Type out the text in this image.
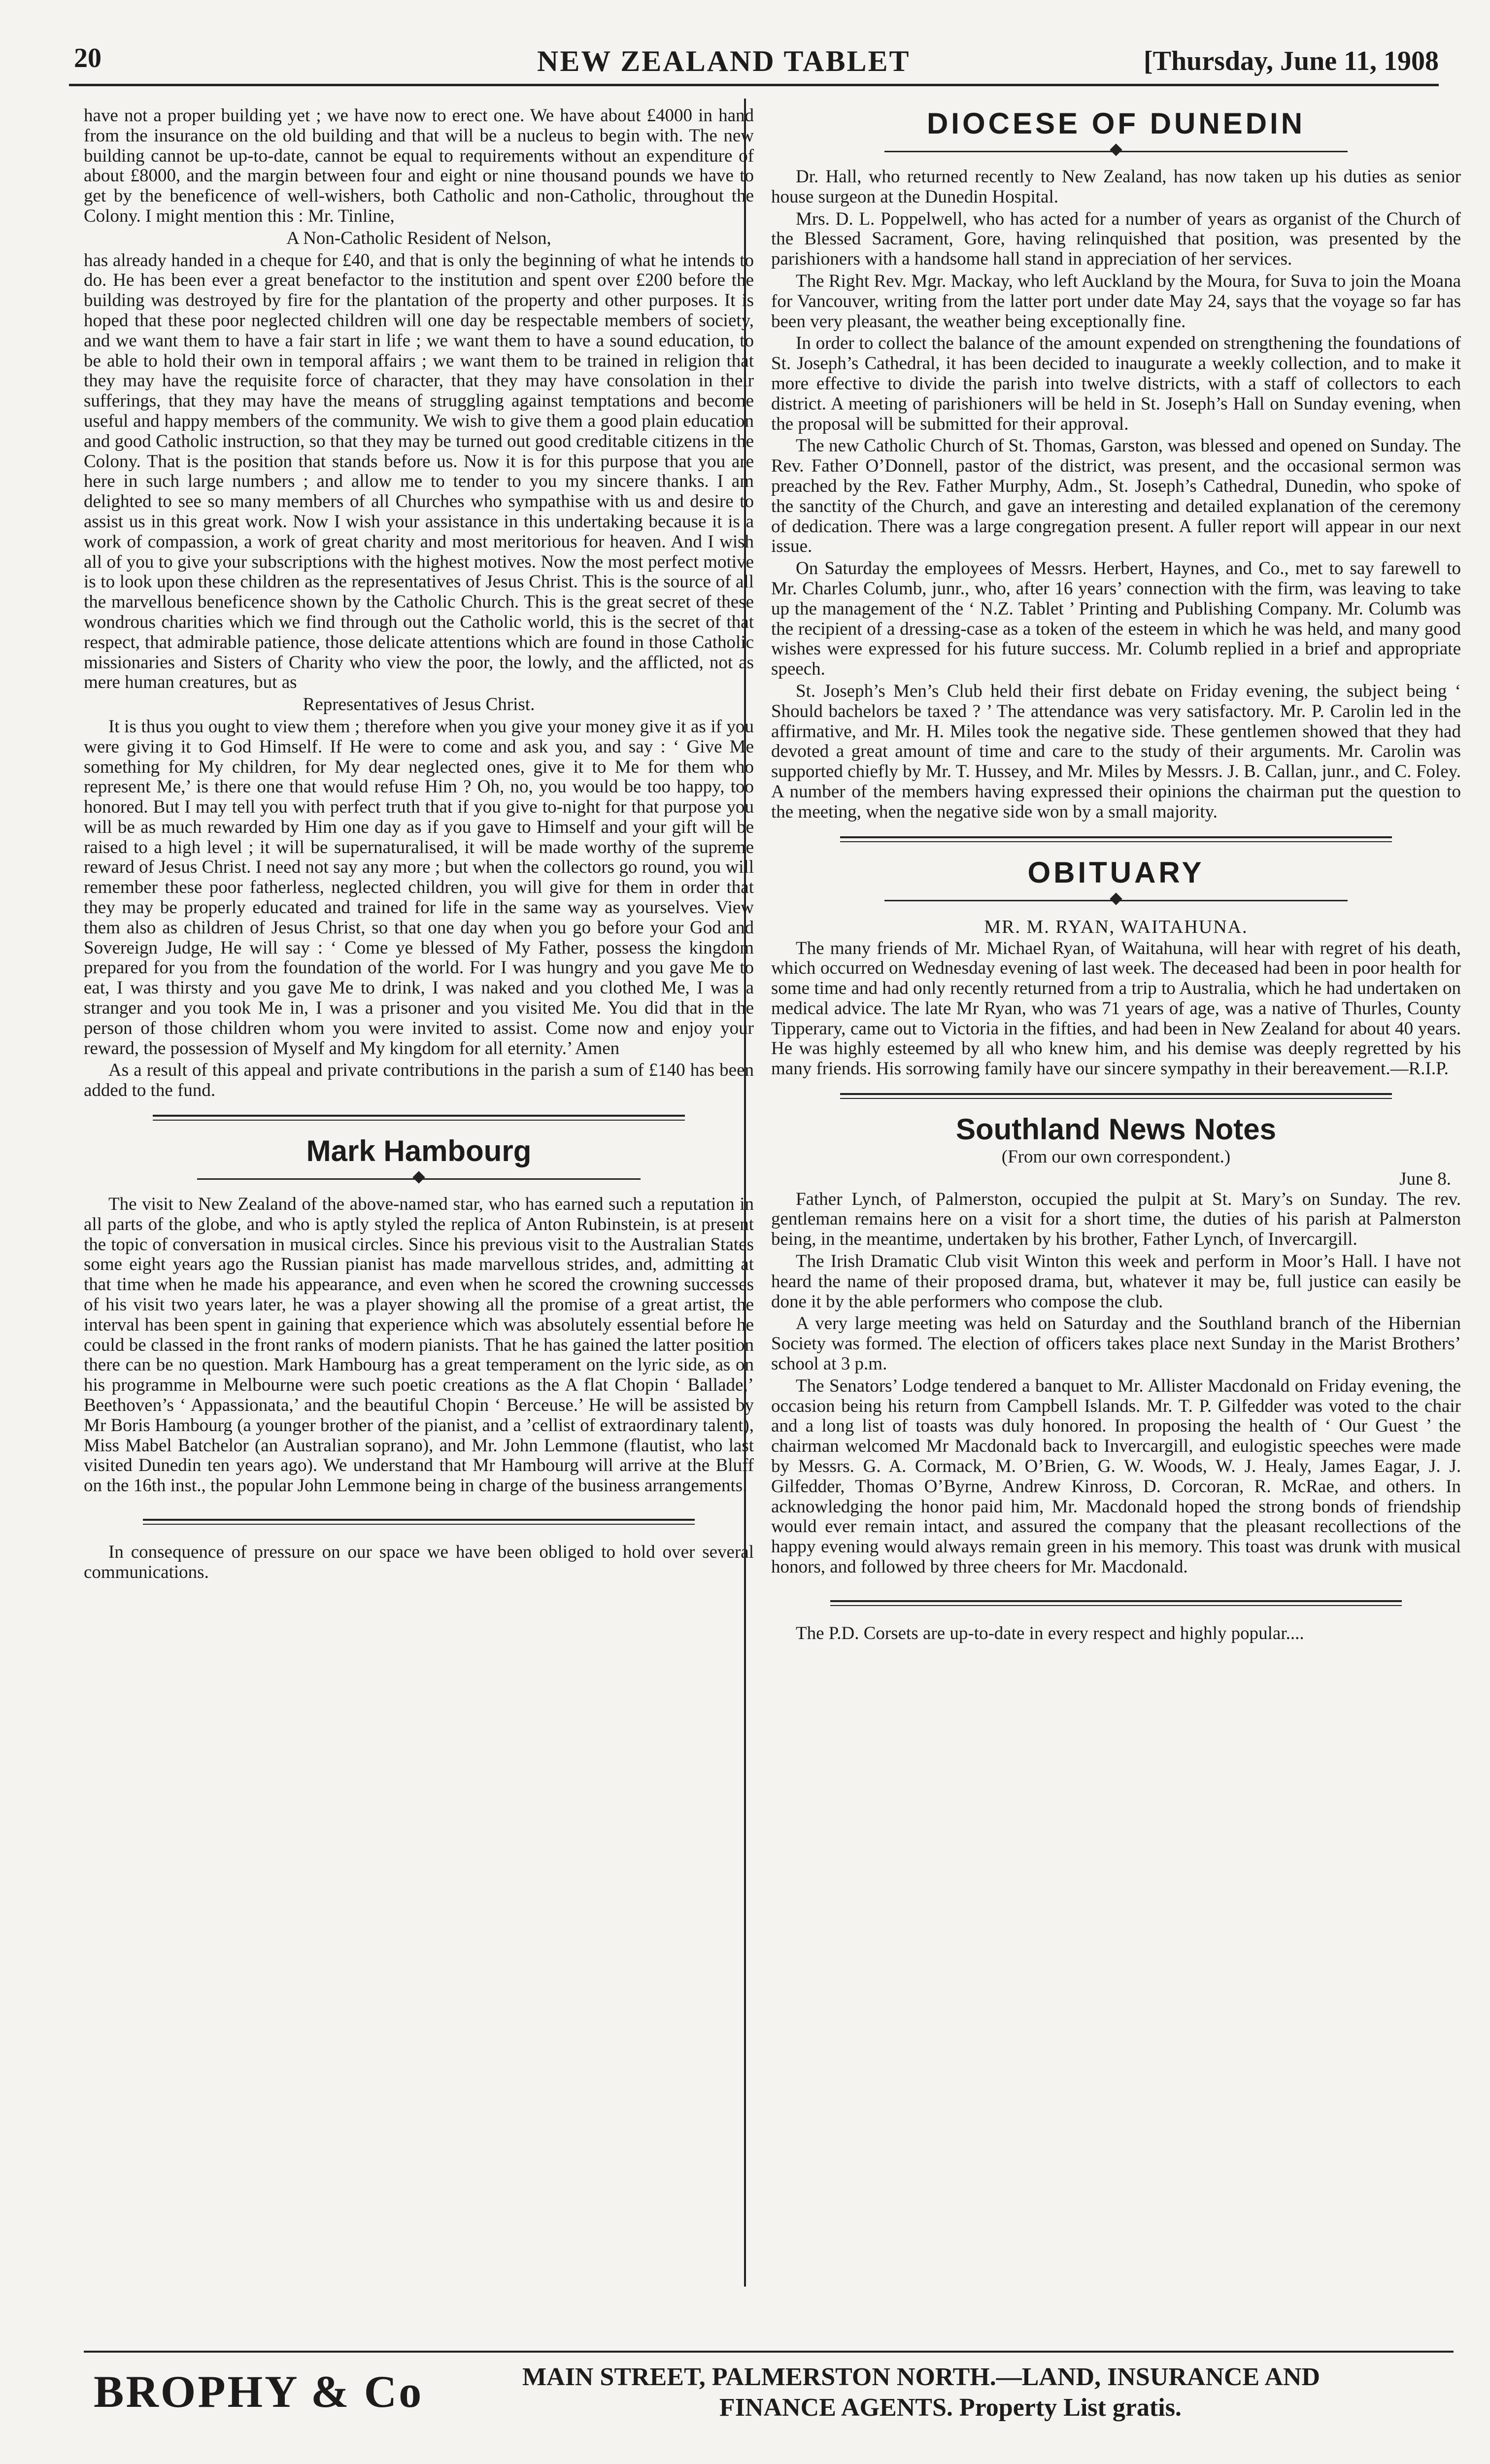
20	NEW ZEALAND TABLET	[Thursday, June 11, 1908

have not a proper building yet ; we have now to erect one. We have about £4000 in hand from the insurance on the old building and that will be a nucleus to begin with. The new building cannot be up-to-date, cannot be equal to requirements without an expenditure of about £8000, and the margin between four and eight or nine thousand pounds we have to get by the beneficence of well-wishers, both Catholic and non-Catholic, throughout the Colony. I might mention this : Mr. Tinline,

A Non-Catholic Resident of Nelson,

has already handed in a cheque for £40, and that is only the beginning of what he intends to do. He has been ever a great benefactor to the institution and spent over £200 before the building was destroyed by fire for the plantation of the property and other purposes. It is hoped that these poor neglected children will one day be respectable members of society, and we want them to have a fair start in life ; we want them to have a sound education, to be able to hold their own in temporal affairs ; we want them to be trained in religion that they may have the requisite force of character, that they may have consolation in their sufferings, that they may have the means of struggling against temptations and become useful and happy members of the community. We wish to give them a good plain education and good Catholic instruction, so that they may be turned out good creditable citizens in the Colony. That is the position that stands before us. Now it is for this purpose that you are here in such large numbers ; and allow me to tender to you my sincere thanks. I am delighted to see so many members of all Churches who sympathise with us and desire to assist us in this great work. Now I wish your assistance in this undertaking because it is a work of compassion, a work of great charity and most meritorious for heaven. And I wish all of you to give your subscriptions with the highest motives. Now the most perfect motive is to look upon these children as the representatives of Jesus Christ. This is the source of all the marvellous beneficence shown by the Catholic Church. This is the great secret of these wondrous charities which we find through out the Catholic world, this is the secret of that respect, that admirable patience, those delicate attentions which are found in those Catholic missionaries and Sisters of Charity who view the poor, the lowly, and the afflicted, not as mere human creatures, but as

Representatives of Jesus Christ.

It is thus you ought to view them ; therefore when you give your money give it as if you were giving it to God Himself. If He were to come and ask you, and say : ‘ Give Me something for My children, for My dear neglected ones, give it to Me for them who represent Me,’ is there one that would refuse Him ? Oh, no, you would be too happy, too honored. But I may tell you with perfect truth that if you give to-night for that purpose you will be as much rewarded by Him one day as if you gave to Himself and your gift will be raised to a high level ; it will be supernaturalised, it will be made worthy of the supreme reward of Jesus Christ. I need not say any more ; but when the collectors go round, you will remember these poor fatherless, neglected children, you will give for them in order that they may be properly educated and trained for life in the same way as yourselves. View them also as children of Jesus Christ, so that one day when you go before your God and Sovereign Judge, He will say : ‘ Come ye blessed of My Father, possess the kingdom prepared for you from the foundation of the world. For I was hungry and you gave Me to eat, I was thirsty and you gave Me to drink, I was naked and you clothed Me, I was a stranger and you took Me in, I was a prisoner and you visited Me. You did that in the person of those children whom you were invited to assist. Come now and enjoy your reward, the possession of Myself and My kingdom for all eternity.’ Amen

As a result of this appeal and private contributions in the parish a sum of £140 has been added to the fund.

Mark Hambourg

The visit to New Zealand of the above-named star, who has earned such a reputation in all parts of the globe, and who is aptly styled the replica of Anton Rubinstein, is at present the topic of conversation in musical circles. Since his previous visit to the Australian States some eight years ago the Russian pianist has made marvellous strides, and, admitting at that time when he made his appearance, and even when he scored the crowning successes of his visit two years later, he was a player showing all the promise of a great artist, the interval has been spent in gaining that experience which was absolutely essential before he could be classed in the front ranks of modern pianists. That he has gained the latter position there can be no question. Mark Hambourg has a great temperament on the lyric side, as on his programme in Melbourne were such poetic creations as the A flat Chopin ‘ Ballade,’ Beethoven’s ‘ Appassionata,’ and the beautiful Chopin ‘ Berceuse.’ He will be assisted by Mr Boris Hambourg (a younger brother of the pianist, and a ’cellist of extraordinary talent), Miss Mabel Batchelor (an Australian soprano), and Mr. John Lemmone (flautist, who last visited Dunedin ten years ago). We understand that Mr Hambourg will arrive at the Bluff on the 16th inst., the popular John Lemmone being in charge of the business arrangements.

In consequence of pressure on our space we have been obliged to hold over several communications.

DIOCESE OF DUNEDIN

Dr. Hall, who returned recently to New Zealand, has now taken up his duties as senior house surgeon at the Dunedin Hospital.

Mrs. D. L. Poppelwell, who has acted for a number of years as organist of the Church of the Blessed Sacrament, Gore, having relinquished that position, was presented by the parishioners with a handsome hall stand in appreciation of her services.

The Right Rev. Mgr. Mackay, who left Auckland by the Moura, for Suva to join the Moana for Vancouver, writing from the latter port under date May 24, says that the voyage so far has been very pleasant, the weather being exceptionally fine.

In order to collect the balance of the amount expended on strengthening the foundations of St. Joseph’s Cathedral, it has been decided to inaugurate a weekly collection, and to make it more effective to divide the parish into twelve districts, with a staff of collectors to each district. A meeting of parishioners will be held in St. Joseph’s Hall on Sunday evening, when the proposal will be submitted for their approval.

The new Catholic Church of St. Thomas, Garston, was blessed and opened on Sunday. The Rev. Father O’Donnell, pastor of the district, was present, and the occasional sermon was preached by the Rev. Father Murphy, Adm., St. Joseph’s Cathedral, Dunedin, who spoke of the sanctity of the Church, and gave an interesting and detailed explanation of the ceremony of dedication. There was a large congregation present. A fuller report will appear in our next issue.

On Saturday the employees of Messrs. Herbert, Haynes, and Co., met to say farewell to Mr. Charles Columb, junr., who, after 16 years’ connection with the firm, was leaving to take up the management of the ‘ N.Z. Tablet ’ Printing and Publishing Company. Mr. Columb was the recipient of a dressing-case as a token of the esteem in which he was held, and many good wishes were expressed for his future success. Mr. Columb replied in a brief and appropriate speech.

St. Joseph’s Men’s Club held their first debate on Friday evening, the subject being ‘ Should bachelors be taxed ? ’ The attendance was very satisfactory. Mr. P. Carolin led in the affirmative, and Mr. H. Miles took the negative side. These gentlemen showed that they had devoted a great amount of time and care to the study of their arguments. Mr. Carolin was supported chiefly by Mr. T. Hussey, and Mr. Miles by Messrs. J. B. Callan, junr., and C. Foley. A number of the members having expressed their opinions the chairman put the question to the meeting, when the negative side won by a small majority.

OBITUARY

MR. M. RYAN, WAITAHUNA.

The many friends of Mr. Michael Ryan, of Waitahuna, will hear with regret of his death, which occurred on Wednesday evening of last week. The deceased had been in poor health for some time and had only recently returned from a trip to Australia, which he had undertaken on medical advice. The late Mr Ryan, who was 71 years of age, was a native of Thurles, County Tipperary, came out to Victoria in the fifties, and had been in New Zealand for about 40 years. He was highly esteemed by all who knew him, and his demise was deeply regretted by his many friends. His sorrowing family have our sincere sympathy in their bereavement.—R.I.P.

Southland News Notes

(From our own correspondent.)

June 8.

Father Lynch, of Palmerston, occupied the pulpit at St. Mary’s on Sunday. The rev. gentleman remains here on a visit for a short time, the duties of his parish at Palmerston being, in the meantime, undertaken by his brother, Father Lynch, of Invercargill.

The Irish Dramatic Club visit Winton this week and perform in Moor’s Hall. I have not heard the name of their proposed drama, but, whatever it may be, full justice can easily be done it by the able performers who compose the club.

A very large meeting was held on Saturday and the Southland branch of the Hibernian Society was formed. The election of officers takes place next Sunday in the Marist Brothers’ school at 3 p.m.

The Senators’ Lodge tendered a banquet to Mr. Allister Macdonald on Friday evening, the occasion being his return from Campbell Islands. Mr. T. P. Gilfedder was voted to the chair and a long list of toasts was duly honored. In proposing the health of ‘ Our Guest ’ the chairman welcomed Mr Macdonald back to Invercargill, and eulogistic speeches were made by Messrs. G. A. Cormack, M. O’Brien, G. W. Woods, W. J. Healy, James Eagar, J. J. Gilfedder, Thomas O’Byrne, Andrew Kinross, D. Corcoran, R. McRae, and others. In acknowledging the honor paid him, Mr. Macdonald hoped the strong bonds of friendship would ever remain intact, and assured the company that the pleasant recollections of the happy evening would always remain green in his memory. This toast was drunk with musical honors, and followed by three cheers for Mr. Macdonald.

The P.D. Corsets are up-to-date in every respect and highly popular....

BROPHY & Co	MAIN STREET, PALMERSTON NORTH.—LAND, INSURANCE AND
FINANCE AGENTS. Property List gratis.
